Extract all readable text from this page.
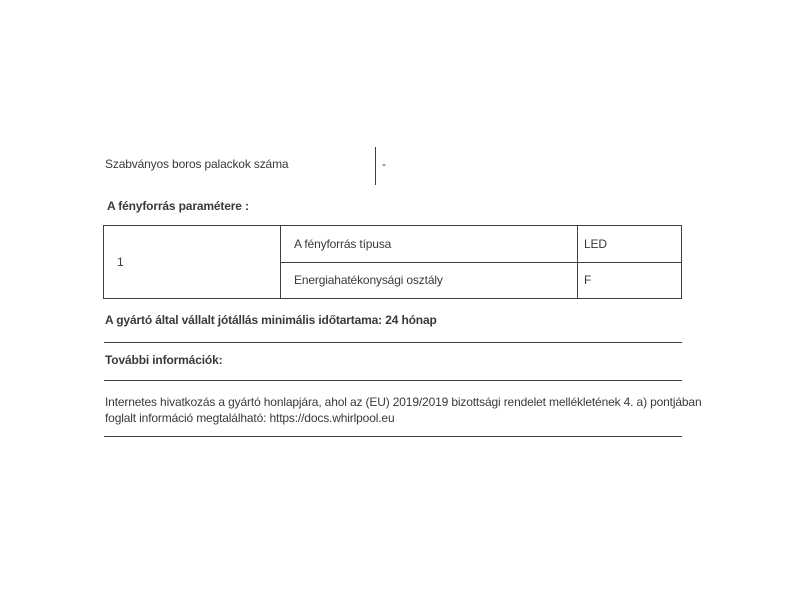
Szabványos boros palackok száma	-
A fényforrás paramétere :
1
A fényforrás típusa	LED
Energiahatékonysági osztály	F
A gyártó által vállalt jótállás minimális időtartama: 24 hónap
További információk:
Internetes hivatkozás a gyártó honlapjára, ahol az (EU) 2019/2019 bizottsági rendelet mellékletének 4. a) pontjában
foglalt információ megtalálható: https://docs.whirlpool.eu
